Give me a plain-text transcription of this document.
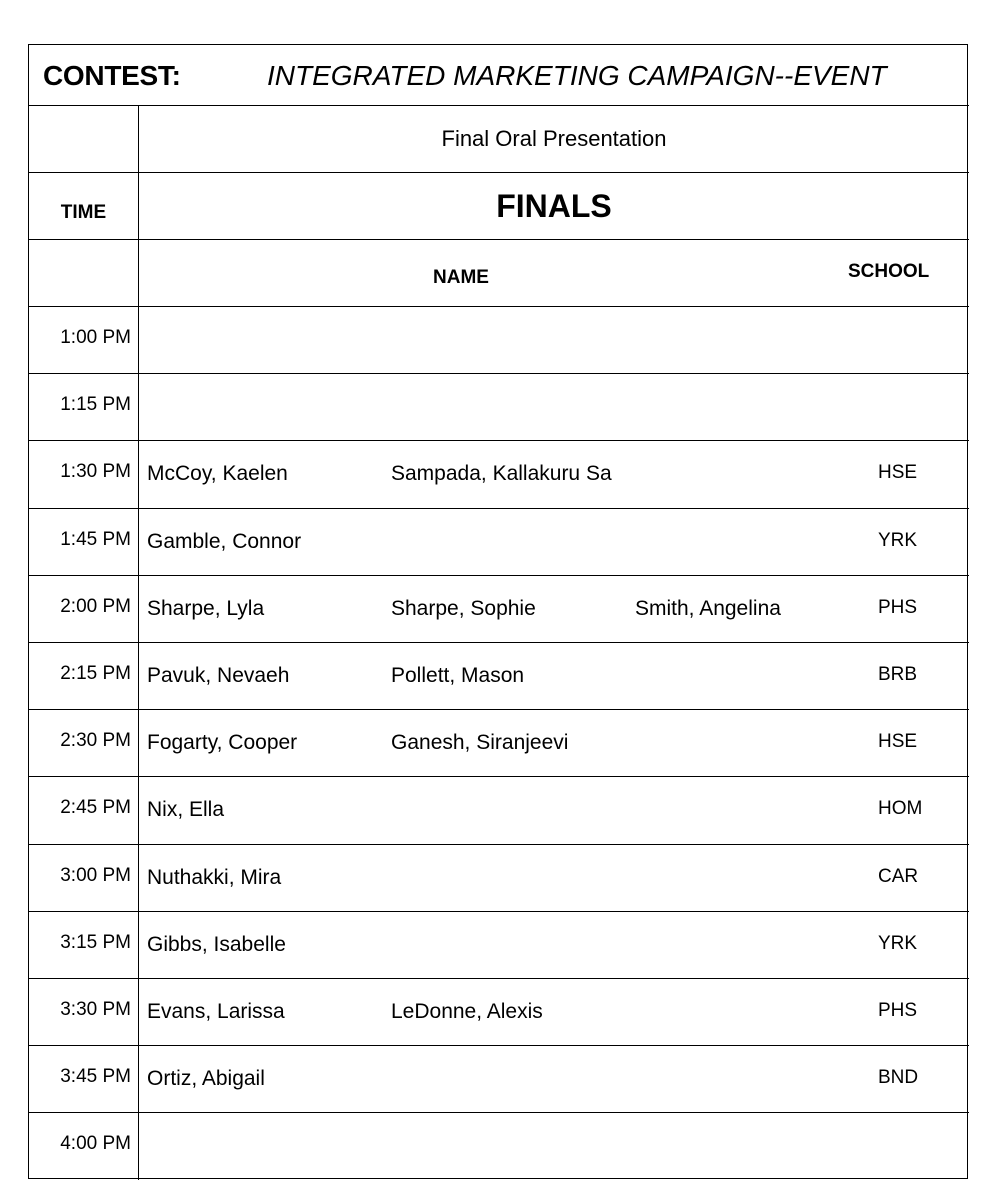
CONTEST:	INTEGRATED MARKETING CAMPAIGN--EVENT
Final Oral Presentation
TIME	FINALS
NAME	SCHOOL
1:00 PM
1:15 PM
1:30 PM McCoy, Kaelen	Sampada, Kallakuru Sa	HSE
1:45 PM Gamble, Connor	YRK
2:00 PM Sharpe, Lyla	Sharpe, Sophie	Smith, Angelina	PHS
2:15 PM Pavuk, Nevaeh	Pollett, Mason	BRB
2:30 PM Fogarty, Cooper	Ganesh, Siranjeevi	HSE
2:45 PM Nix, Ella	HOM
3:00 PM Nuthakki, Mira	CAR
3:15 PM Gibbs, Isabelle	YRK
3:30 PM Evans, Larissa	LeDonne, Alexis	PHS
3:45 PM Ortiz, Abigail	BND
4:00 PM
